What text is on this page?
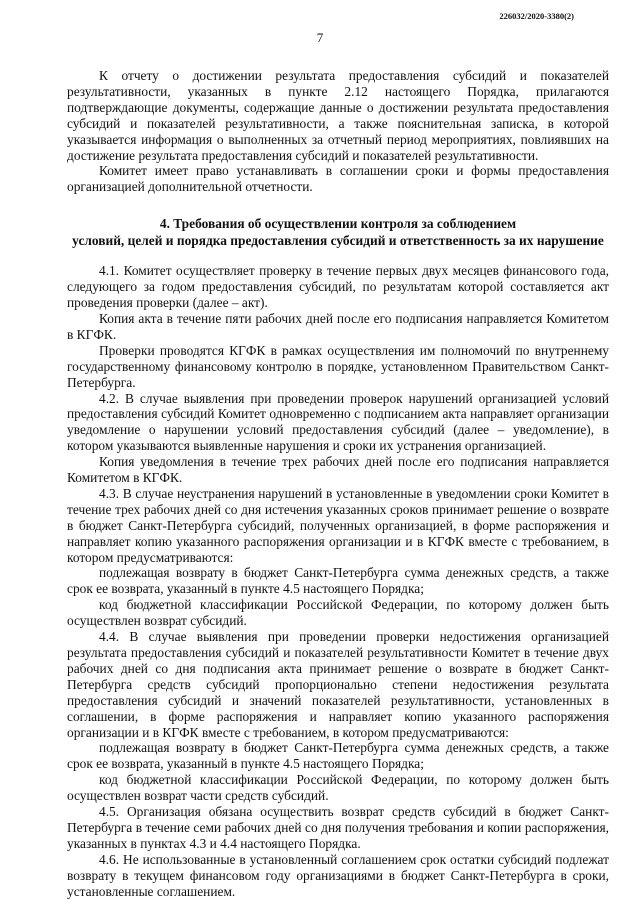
226032/2020-3380(2)
7

К отчету о достижении результата предоставления субсидий и показателей результативности, указанных в пункте 2.12 настоящего Порядка, прилагаются подтверждающие документы, содержащие данные о достижении результата предоставления субсидий и показателей результативности, а также пояснительная записка, в которой указывается информация о выполненных за отчетный период мероприятиях, повлиявших на достижение результата предоставления субсидий и показателей результативности.

Комитет имеет право устанавливать в соглашении сроки и формы предоставления организацией дополнительной отчетности.

4. Требования об осуществлении контроля за соблюдением
условий, целей и порядка предоставления субсидий и ответственность за их нарушение

4.1. Комитет осуществляет проверку в течение первых двух месяцев финансового года, следующего за годом предоставления субсидий, по результатам которой составляется акт проведения проверки (далее – акт).

Копия акта в течение пяти рабочих дней после его подписания направляется Комитетом в КГФК.

Проверки проводятся КГФК в рамках осуществления им полномочий по внутреннему государственному финансовому контролю в порядке, установленном Правительством Санкт-Петербурга.

4.2. В случае выявления при проведении проверок нарушений организацией условий предоставления субсидий Комитет одновременно с подписанием акта направляет организации уведомление о нарушении условий предоставления субсидий (далее – уведомление), в котором указываются выявленные нарушения и сроки их устранения организацией.

Копия уведомления в течение трех рабочих дней после его подписания направляется Комитетом в КГФК.

4.3. В случае неустранения нарушений в установленные в уведомлении сроки Комитет в течение трех рабочих дней со дня истечения указанных сроков принимает решение о возврате в бюджет Санкт-Петербурга субсидий, полученных организацией, в форме распоряжения и направляет копию указанного распоряжения организации и в КГФК вместе с требованием, в котором предусматриваются:

подлежащая возврату в бюджет Санкт-Петербурга сумма денежных средств, а также срок ее возврата, указанный в пункте 4.5 настоящего Порядка;

код бюджетной классификации Российской Федерации, по которому должен быть осуществлен возврат субсидий.

4.4. В случае выявления при проведении проверки недостижения организацией результата предоставления субсидий и показателей результативности Комитет в течение двух рабочих дней со дня подписания акта принимает решение о возврате в бюджет Санкт-Петербурга средств субсидий пропорционально степени недостижения результата предоставления субсидий и значений показателей результативности, установленных в соглашении, в форме распоряжения и направляет копию указанного распоряжения организации и в КГФК вместе с требованием, в котором предусматриваются:

подлежащая возврату в бюджет Санкт-Петербурга сумма денежных средств, а также срок ее возврата, указанный в пункте 4.5 настоящего Порядка;

код бюджетной классификации Российской Федерации, по которому должен быть осуществлен возврат части средств субсидий.

4.5. Организация обязана осуществить возврат средств субсидий в бюджет Санкт-Петербурга в течение семи рабочих дней со дня получения требования и копии распоряжения, указанных в пунктах 4.3 и 4.4 настоящего Порядка.

4.6. Не использованные в установленный соглашением срок остатки субсидий подлежат возврату в текущем финансовом году организациями в бюджет Санкт-Петербурга в сроки, установленные соглашением.
